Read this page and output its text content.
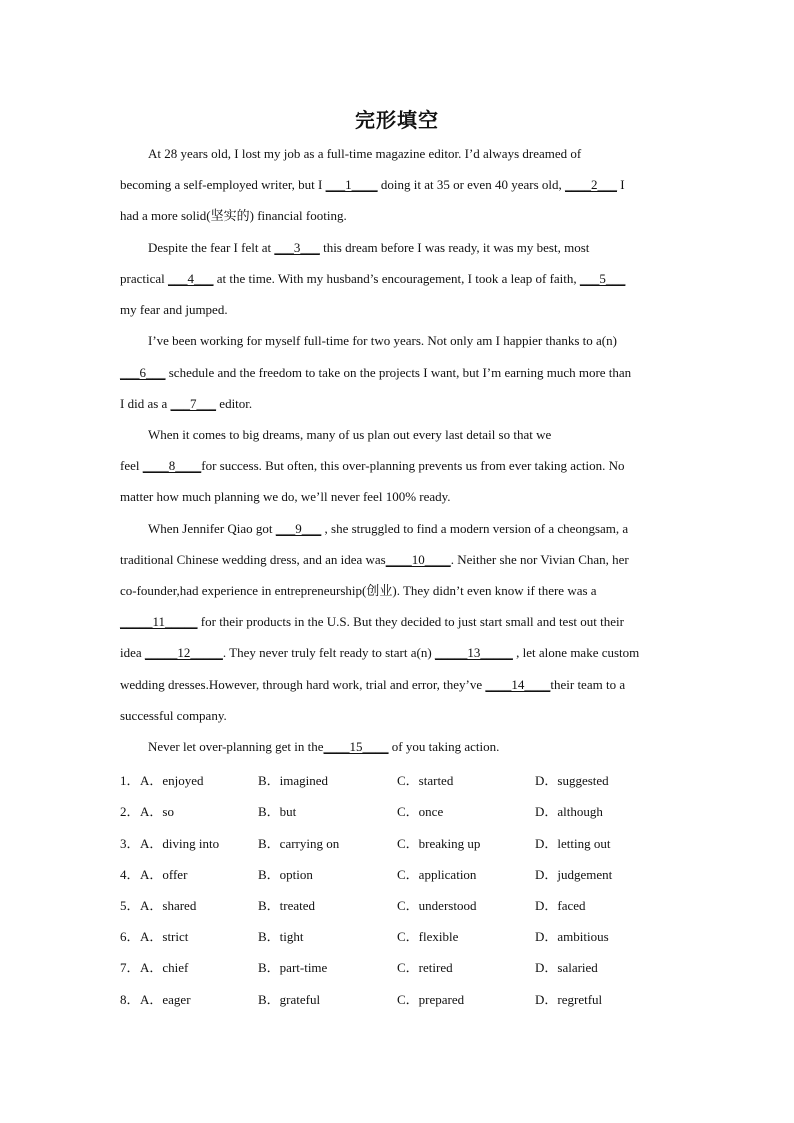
完形填空
At 28 years old, I lost my job as a full-time magazine editor. I’d always dreamed of
becoming a self-employed writer, but I ___1____ doing it at 35 or even 40 years old, ____2___ I
had a more solid(坚实的) financial footing.
Despite the fear I felt at ___3___ this dream before I was ready, it was my best, most
practical ___4___ at the time. With my husband’s encouragement, I took a leap of faith, ___5___
my fear and jumped.
I’ve been working for myself full-time for two years. Not only am I happier thanks to a(n)
___6___ schedule and the freedom to take on the projects I want, but I’m earning much more than
I did as a ___7___ editor.
When it comes to big dreams, many of us plan out every last detail so that we
feel ____8____for success. But often, this over-planning prevents us from ever taking action. No
matter how much planning we do, we’ll never feel 100% ready.
When Jennifer Qiao got ___9___ , she struggled to find a modern version of a cheongsam, a
traditional Chinese wedding dress, and an idea was____10____. Neither she nor Vivian Chan, her
co-founder,had experience in entrepreneurship(创业). They didn’t even know if there was a
_____11_____ for their products in the U.S. But they decided to just start small and test out their
idea _____12_____. They never truly felt ready to start a(n) _____13_____ , let alone make custom
wedding dresses.However, through hard work, trial and error, they’ve ____14____their team to a
successful company.
Never let over-planning get in the____15____ of you taking action.
1． A．enjoyed	B．imagined	C．started	D．suggested
2． A．so	B．but	C．once	D．although
3． A．diving into	B．carrying on	C．breaking up	D．letting out
4． A．offer	B．option	C．application	D．judgement
5． A．shared	B．treated	C．understood	D．faced
6． A．strict	B．tight	C．flexible	D．ambitious
7． A．chief	B．part-time	C．retired	D．salaried
8． A．eager	B．grateful	C．prepared	D．regretful
